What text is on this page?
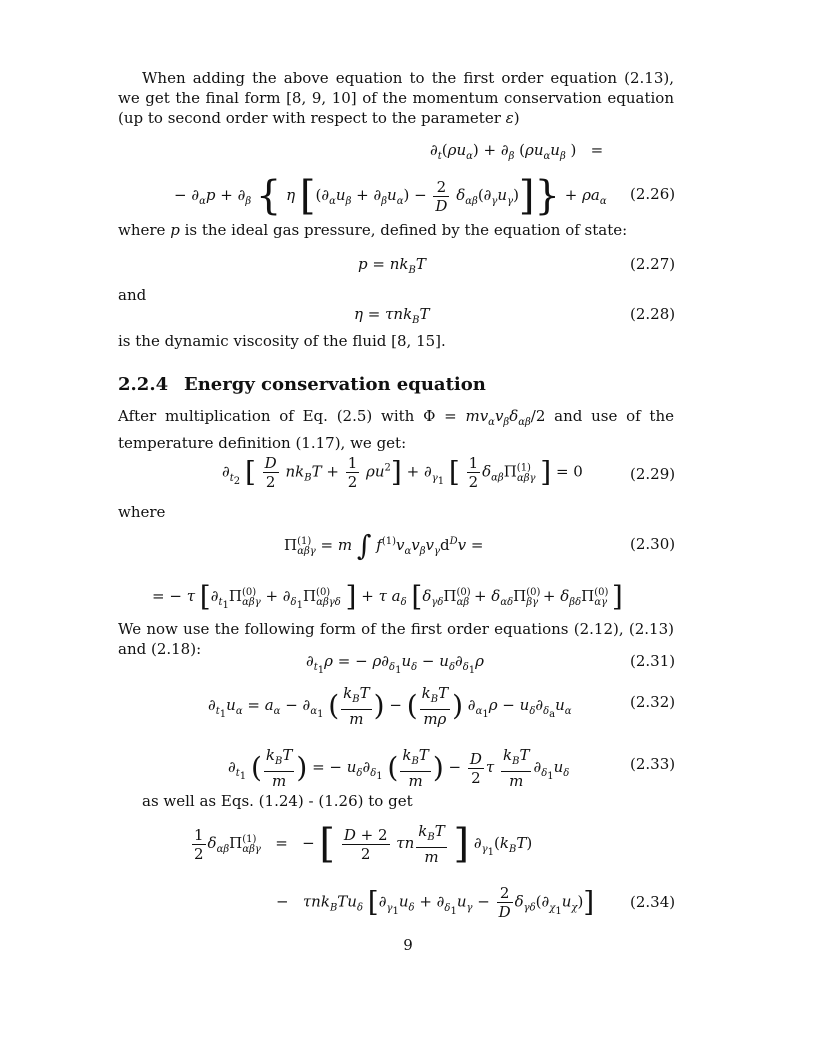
When adding the above equation to the first order equation (2.13), we get the final form [8, 9, 10] of the momentum conservation equation (up to second order with respect to the parameter ε)
$\partial_t(\rho u_\alpha) + \partial_\beta$ ($\rho u_\alpha u_\beta$ )   =
− $\partial_\alpha p + \partial_\beta$ { η $[(\partial_\alpha u_\beta + \partial_\beta u_\alpha) - \frac{2}{D} \delta_{\alpha\beta}(\partial_\gamma u_\gamma)]\} + \rho a_\alpha$ (2.26)
where p is the ideal gas pressure, defined by the equation of state:
$p = nk_BT$	(2.27)
and
η = τnk$_B$T	(2.28)
is the dynamic viscosity of the fluid [8, 15].
2.2.4 Energy conservation equation
After multiplication of Eq. (2.5) with $\Phi = mv_\alpha v_\beta\delta_{\alpha\beta}/2$ and use of the temperature definition (1.17), we get:
$\partial_{t_2}$ [ $\frac{D}{2} nk_BT + \frac{1}{2} \rho u^2] + \partial_{\gamma_1}$ [ $\frac{1}{2} \delta_{\alpha\beta}\Pi^{(1)}_{\alpha\beta\gamma}$ ] = 0	(2.29)
where
$\Pi^{(1)}_{\alpha\beta\gamma} = m$ ∫ $f^{(1)}v_\alpha v_\beta v_\gamma d^Dv$ =	(2.30)
= − τ [$\partial_{t_1}\Pi^{(0)}_{\alpha\beta\gamma} + \partial_{\delta_1}\Pi^{(0)}_{\alpha\beta\gamma\delta}$ ] + τ $a_\delta$ [$\delta_{\gamma\delta}\Pi^{(0)}_{\alpha\beta} + \delta_{\alpha\delta}\Pi^{(0)}_{\beta\gamma} + \delta_{\beta\delta}\Pi^{(0)}_{\alpha\gamma}$ ]
We now use the following form of the first order equations (2.12), (2.13) and (2.18):
$\partial_{t_1}\rho$ = − $\rho\partial_{\delta_1}u_\delta - u_\delta\partial_{\delta_1}\rho$	(2.31)
$\partial_{t_1}u_\alpha = a_\alpha - \partial_{\alpha_1}$ ( $\frac{k_BT}{m}$ ) − ( $\frac{k_BT}{m\rho}$ ) $\partial_{\alpha_1}\rho - u_\delta\partial_{\delta_a}u_\alpha$
(2.32)
$\partial_{t_1}$ ( $\frac{k_BT}{m}$ ) = − $u_\delta\partial_{\delta_1}$ ( $\frac{k_BT}{m}$ ) − $\frac{D}{2}$ τ $\frac{k_BT}{m} \partial_{\delta_1}u_\delta$
(2.33)
as well as Eqs. (1.24) - (1.26) to get
$\frac{1}{2} \delta_{\alpha\beta}\Pi^{(1)}_{\alpha\beta\gamma}$   =   − [ $\frac{D + 2}{2}$ τn $\frac{k_BT}{m}$ ] $\partial_{\gamma_1}(k_BT)$
−   $\tau nk_BTu_\delta$ $[\partial_{\gamma_1}u_\delta + \partial_{\delta_1}u_\gamma - \frac{2}{D} \delta_{\gamma\delta}(\partial_{\chi_1}u_\chi)]$ (2.34)
9
